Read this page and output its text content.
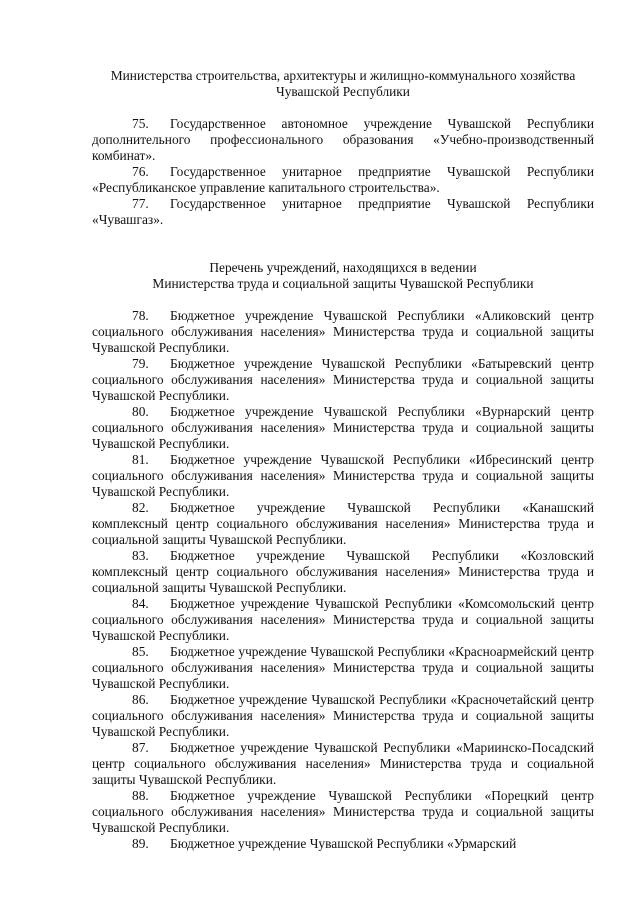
Министерства строительства, архитектуры и жилищно-коммунального хозяйства
Чувашской Республики

75. Государственное автономное учреждение Чувашской Республики дополнительного профессионального образования «Учебно-производственный комбинат».

76. Государственное унитарное предприятие Чувашской Республики «Республиканское управление капитального строительства».

77. Государственное унитарное предприятие Чувашской Республики «Чувашгаз».

Перечень учреждений, находящихся в ведении
Министерства труда и социальной защиты Чувашской Республики

78. Бюджетное учреждение Чувашской Республики «Аликовский центр социального обслуживания населения» Министерства труда и социальной защиты Чувашской Республики.

79. Бюджетное учреждение Чувашской Республики «Батыревский центр социального обслуживания населения» Министерства труда и социальной защиты Чувашской Республики.

80. Бюджетное учреждение Чувашской Республики «Вурнарский центр социального обслуживания населения» Министерства труда и социальной защиты Чувашской Республики.

81. Бюджетное учреждение Чувашской Республики «Ибресинский центр социального обслуживания населения» Министерства труда и социальной защиты Чувашской Республики.

82. Бюджетное учреждение Чувашской Республики «Канашский комплексный центр социального обслуживания населения» Министерства труда и социальной защиты Чувашской Республики.

83. Бюджетное учреждение Чувашской Республики «Козловский комплексный центр социального обслуживания населения» Министерства труда и социальной защиты Чувашской Республики.

84. Бюджетное учреждение Чувашской Республики «Комсомольский центр социального обслуживания населения» Министерства труда и социальной защиты Чувашской Республики.

85. Бюджетное учреждение Чувашской Республики «Красноармейский центр социального обслуживания населения» Министерства труда и социальной защиты Чувашской Республики.

86. Бюджетное учреждение Чувашской Республики «Красночетайский центр социального обслуживания населения» Министерства труда и социальной защиты Чувашской Республики.

87. Бюджетное учреждение Чувашской Республики «Мариинско-Посадский центр социального обслуживания населения» Министерства труда и социальной защиты Чувашской Республики.

88. Бюджетное учреждение Чувашской Республики «Порецкий центр социального обслуживания населения» Министерства труда и социальной защиты Чувашской Республики.

89. Бюджетное учреждение Чувашской Республики «Урмарский
